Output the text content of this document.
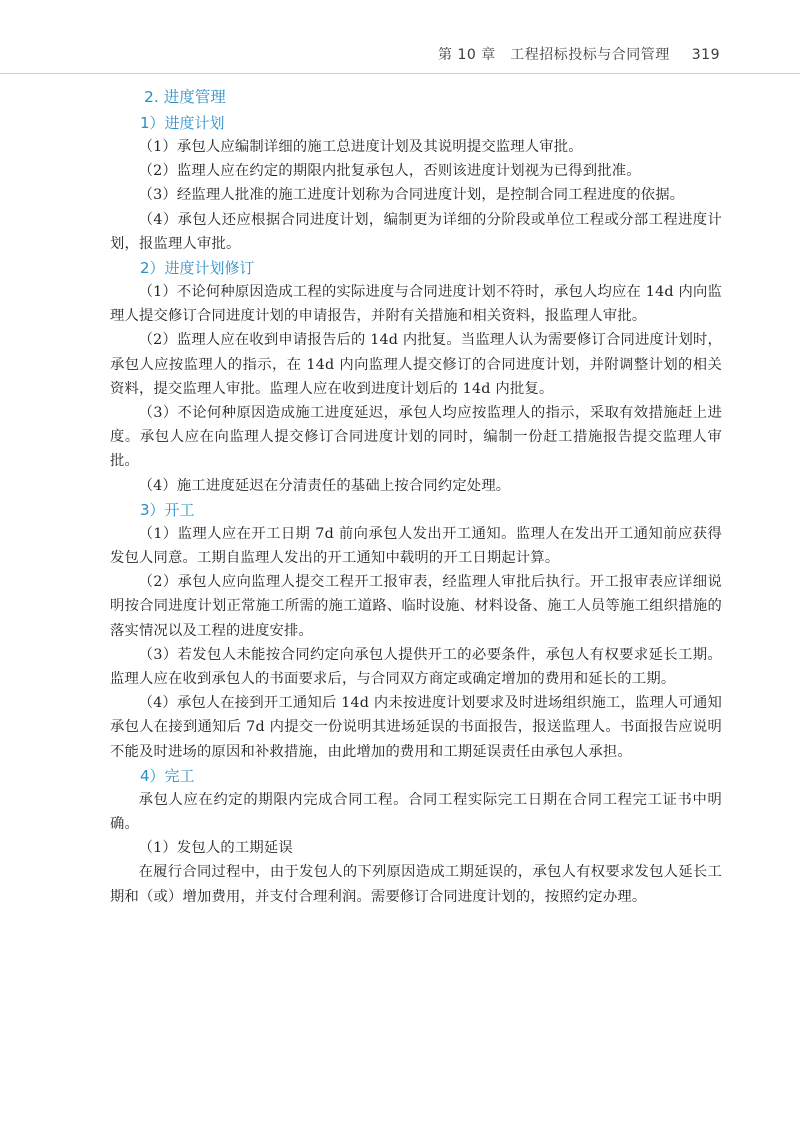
第 10 章　工程招标投标与合同管理 319
2. 进度管理
1）进度计划

（1）承包人应编制详细的施工总进度计划及其说明提交监理人审批。

（2）监理人应在约定的期限内批复承包人，否则该进度计划视为已得到批准。

（3）经监理人批准的施工进度计划称为合同进度计划，是控制合同工程进度的依据。

（4）承包人还应根据合同进度计划，编制更为详细的分阶段或单位工程或分部工程进度计划，报监理人审批。

2）进度计划修订

（1）不论何种原因造成工程的实际进度与合同进度计划不符时，承包人均应在 14d 内向监理人提交修订合同进度计划的申请报告，并附有关措施和相关资料，报监理人审批。

（2）监理人应在收到申请报告后的 14d 内批复。当监理人认为需要修订合同进度计划时，承包人应按监理人的指示，在 14d 内向监理人提交修订的合同进度计划，并附调整计划的相关资料，提交监理人审批。监理人应在收到进度计划后的 14d 内批复。

（3）不论何种原因造成施工进度延迟，承包人均应按监理人的指示，采取有效措施赶上进度。承包人应在向监理人提交修订合同进度计划的同时，编制一份赶工措施报告提交监理人审批。

（4）施工进度延迟在分清责任的基础上按合同约定处理。

3）开工

（1）监理人应在开工日期 7d 前向承包人发出开工通知。监理人在发出开工通知前应获得发包人同意。工期自监理人发出的开工通知中载明的开工日期起计算。

（2）承包人应向监理人提交工程开工报审表，经监理人审批后执行。开工报审表应详细说明按合同进度计划正常施工所需的施工道路、临时设施、材料设备、施工人员等施工组织措施的落实情况以及工程的进度安排。

（3）若发包人未能按合同约定向承包人提供开工的必要条件，承包人有权要求延长工期。监理人应在收到承包人的书面要求后，与合同双方商定或确定增加的费用和延长的工期。

（4）承包人在接到开工通知后 14d 内未按进度计划要求及时进场组织施工，监理人可通知承包人在接到通知后 7d 内提交一份说明其进场延误的书面报告，报送监理人。书面报告应说明不能及时进场的原因和补救措施，由此增加的费用和工期延误责任由承包人承担。

4）完工

承包人应在约定的期限内完成合同工程。合同工程实际完工日期在合同工程完工证书中明确。

（1）发包人的工期延误

在履行合同过程中，由于发包人的下列原因造成工期延误的，承包人有权要求发包人延长工期和（或）增加费用，并支付合理利润。需要修订合同进度计划的，按照约定办理。
